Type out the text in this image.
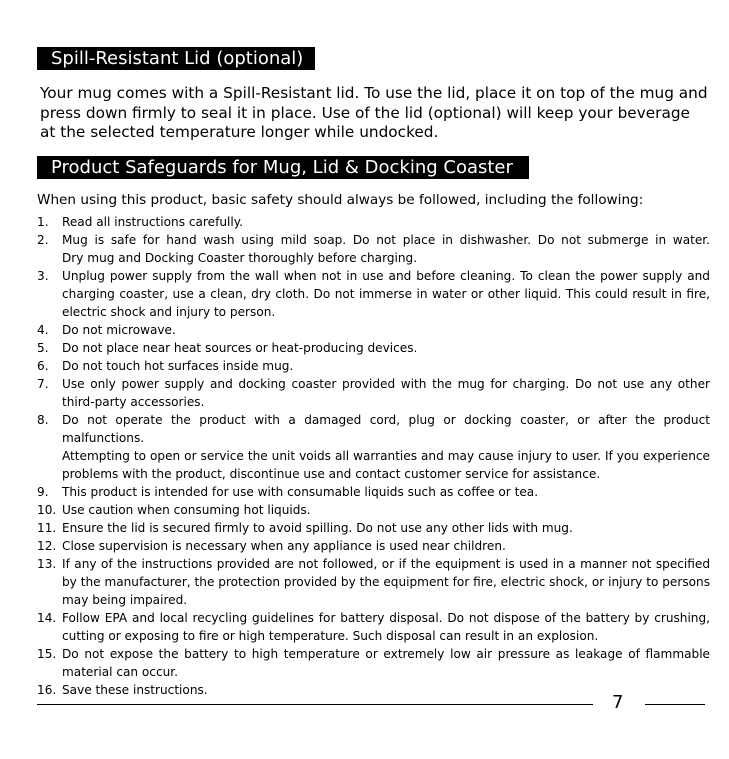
Spill-Resistant Lid (optional)
Your mug comes with a Spill-Resistant lid. To use the lid, place it on top of the mug and press down firmly to seal it in place. Use of the lid (optional) will keep your beverage at the selected temperature longer while undocked.
Product Safeguards for Mug, Lid & Docking Coaster
When using this product, basic safety should always be followed, including the following:
1. Read all instructions carefully.
2. Mug is safe for hand wash using mild soap. Do not place in dishwasher. Do not submerge in water.
Dry mug and Docking Coaster thoroughly before charging.
3. Unplug power supply from the wall when not in use and before cleaning. To clean the power supply and
charging coaster, use a clean, dry cloth. Do not immerse in water or other liquid. This could result in fire,
electric shock and injury to person.
4. Do not microwave.
5. Do not place near heat sources or heat-producing devices.
6. Do not touch hot surfaces inside mug.
7. Use only power supply and docking coaster provided with the mug for charging. Do not use any other
third-party accessories.
8. Do not operate the product with a damaged cord, plug or docking coaster, or after the product malfunctions.
Attempting to open or service the unit voids all warranties and may cause injury to user. If you experience
problems with the product, discontinue use and contact customer service for assistance.
9. This product is intended for use with consumable liquids such as coffee or tea.
10. Use caution when consuming hot liquids.
11. Ensure the lid is secured firmly to avoid spilling. Do not use any other lids with mug.
12. Close supervision is necessary when any appliance is used near children.
13. If any of the instructions provided are not followed, or if the equipment is used in a manner not specified
by the manufacturer, the protection provided by the equipment for fire, electric shock, or injury to persons
may being impaired.
14. Follow EPA and local recycling guidelines for battery disposal. Do not dispose of the battery by crushing,
cutting or exposing to fire or high temperature. Such disposal can result in an explosion.
15. Do not expose the battery to high temperature or extremely low air pressure as leakage of flammable
material can occur.
16. Save these instructions.
7
